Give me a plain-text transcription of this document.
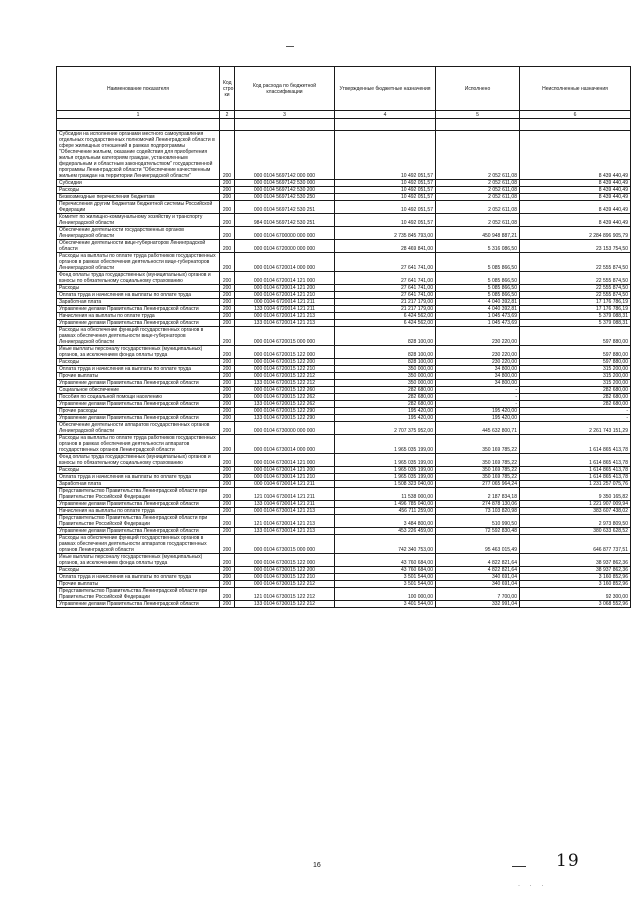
Наименование показателя	Код стро ки	Код расхода по бюджетной классификации	Утвержденные бюджетные назначения	Исполнено	Неисполненные назначения
1	2	3	4	5	6

Субсидии на исполнение органами местного самоуправления отдельных государственных полномочий Ленинградской области в сфере жилищных отношений в рамках подпрограммы "Обеспечение жильем, оказание содействия для приобретения жилья отдельным категориям граждан, установленным федеральным и областным законодательством" государственной программы Ленинградской области "Обеспечение качественным жильем граждан на территории Ленинградской области"	200	000 0104 5697142 000 000	10 492 051,57	2 052 611,08	8 439 440,49
Субсидии	200	000 0104 5697142 530 000	10 492 051,57	2 052 611,08	8 439 440,49
Расходы	200	000 0104 5697142 530 200	10 492 051,57	2 052 611,08	8 439 440,49
Безвозмездные перечисления бюджетам	200	000 0104 5697142 530 250	10 492 051,57	2 052 611,08	8 439 440,49
Перечисления другим бюджетам бюджетной системы Российской Федерации	200	000 0104 5697142 530 251	10 492 051,57	2 052 611,08	8 439 440,49
Комитет по жилищно-коммунальному хозяйству и транспорту Ленинградской области	200	984 0104 5697142 530 251	10 492 051,57	2 052 611,08	8 439 440,49
Обеспечение деятельности государственных органов Ленинградской области	200	000 0104 6700000 000 000	2 735 845 793,00	450 948 887,21	2 284 896 905,79
Обеспечение деятельности вице-губернаторов Ленинградской области	200	000 0104 6720000 000 000	28 469 841,00	5 316 086,50	23 153 754,50
Расходы на выплаты по оплате труда работников государственных органов в рамках обеспечения деятельности вице-губернаторов Ленинградской области	200	000 0104 6720014 000 000	27 641 741,00	5 085 866,50	22 555 874,50
Фонд оплаты труда государственных (муниципальных) органов и взносы по обязательному социальному страхованию	200	000 0104 6720014 121 000	27 641 741,00	5 085 866,50	22 555 874,50
Расходы	200	000 0104 6720014 121 200	27 641 741,00	5 085 866,50	22 555 874,50
Оплата труда и начисления на выплаты по оплате труда	200	000 0104 6720014 121 210	27 641 741,00	5 085 866,50	22 555 874,50
Заработная плата	200	000 0104 6720014 121 211	21 217 179,00	4 040 392,81	17 176 786,19
Управление делами Правительства Ленинградской области	200	133 0104 6720014 121 211	21 217 179,00	4 040 392,81	17 176 786,19
Начисления на выплаты по оплате труда	200	000 0104 6720014 121 213	6 424 562,00	1 045 473,69	5 379 088,31
Управление делами Правительства Ленинградской области	200	133 0104 6720014 121 213	6 424 562,00	1 045 473,69	5 379 088,31
Расходы на обеспечение функций государственных органов в рамках обеспечения деятельности вице-губернаторов Ленинградской области	200	000 0104 6720015 000 000	828 100,00	230 220,00	597 880,00
Иные выплаты персоналу государственных (муниципальных) органов, за исключением фонда оплаты труда	200	000 0104 6720015 122 000	828 100,00	230 220,00	597 880,00
Расходы	200	000 0104 6720015 122 200	828 100,00	230 220,00	597 880,00
Оплата труда и начисления на выплаты по оплате труда	200	000 0104 6720015 122 210	350 000,00	34 800,00	315 200,00
Прочие выплаты	200	000 0104 6720015 122 212	350 000,00	34 800,00	315 200,00
Управление делами Правительства Ленинградской области	200	133 0104 6720015 122 212	350 000,00	34 800,00	315 200,00
Социальное обеспечение	200	000 0104 6720015 122 260	282 680,00	-	282 680,00
Пособия по социальной помощи населению	200	000 0104 6720015 122 262	282 680,00	-	282 680,00
Управление делами Правительства Ленинградской области	200	133 0104 6720015 122 262	282 680,00	-	282 680,00
Прочие расходы	200	000 0104 6720015 122 290	195 420,00	195 420,00	-
Управление делами Правительства Ленинградской области	200	133 0104 6720015 122 290	195 420,00	195 420,00	-
Обеспечение деятельности аппаратов государственных органов Ленинградской области	200	000 0104 6730000 000 000	2 707 375 952,00	445 632 800,71	2 261 743 151,29
Расходы на выплаты по оплате труда работников государственных органов в рамках обеспечения деятельности аппаратов государственных органов Ленинградской области	200	000 0104 6730014 000 000	1 965 035 199,00	350 169 785,22	1 614 865 413,78
Фонд оплаты труда государственных (муниципальных) органов и взносы по обязательному социальному страхованию	200	000 0104 6730014 121 000	1 965 035 199,00	350 169 785,22	1 614 865 413,78
Расходы	200	000 0104 6730014 121 200	1 965 035 199,00	350 169 785,22	1 614 865 413,78
Оплата труда и начисления на выплаты по оплате труда	200	000 0104 6730014 121 210	1 965 035 199,00	350 169 785,22	1 614 865 413,78
Заработная плата	200	000 0104 6730014 121 211	1 508 323 040,00	277 065 964,24	1 231 257 075,76
Представительство Правительства Ленинградской области при Правительстве Российской Федерации	200	121 0104 6730014 121 211	11 538 000,00	2 187 834,18	9 350 165,82
Управление делами Правительства Ленинградской области	200	133 0104 6730014 121 211	1 496 785 040,00	274 878 130,06	1 221 907 009,94
Начисления на выплаты по оплате труда	200	000 0104 6730014 121 213	456 711 259,00	73 103 820,98	383 607 438,02
Представительство Правительства Ленинградской области при Правительстве Российской Федерации	200	121 0104 6730014 121 213	3 484 800,00	510 990,50	2 973 809,50
Управление делами Правительства Ленинградской области	200	133 0104 6730014 121 213	453 226 459,00	72 592 830,48	380 633 628,52
Расходы на обеспечение функций государственных органов в рамках обеспечения деятельности аппаратов государственных органов Ленинградской области	200	000 0104 6730015 000 000	742 340 753,00	95 463 015,49	646 877 737,51
Иные выплаты персоналу государственных (муниципальных) органов, за исключением фонда оплаты труда	200	000 0104 6730015 122 000	43 760 684,00	4 822 821,64	38 937 862,36
Расходы	200	000 0104 6730015 122 200	43 760 684,00	4 822 821,64	38 937 862,36
Оплата труда и начисления на выплаты по оплате труда	200	000 0104 6730015 122 210	3 501 544,00	340 691,04	3 160 852,96
Прочие выплаты	200	000 0104 6730015 122 212	3 501 544,00	340 691,04	3 160 852,96
Представительство Правительства Ленинградской области при Правительстве Российской Федерации	200	121 0104 6730015 122 212	100 000,00	7 700,00	92 300,00
Управление делами Правительства Ленинградской области	200	133 0104 6730015 122 212	3 401 544,00	332 991,04	3 068 552,96
16	19
· · ·
